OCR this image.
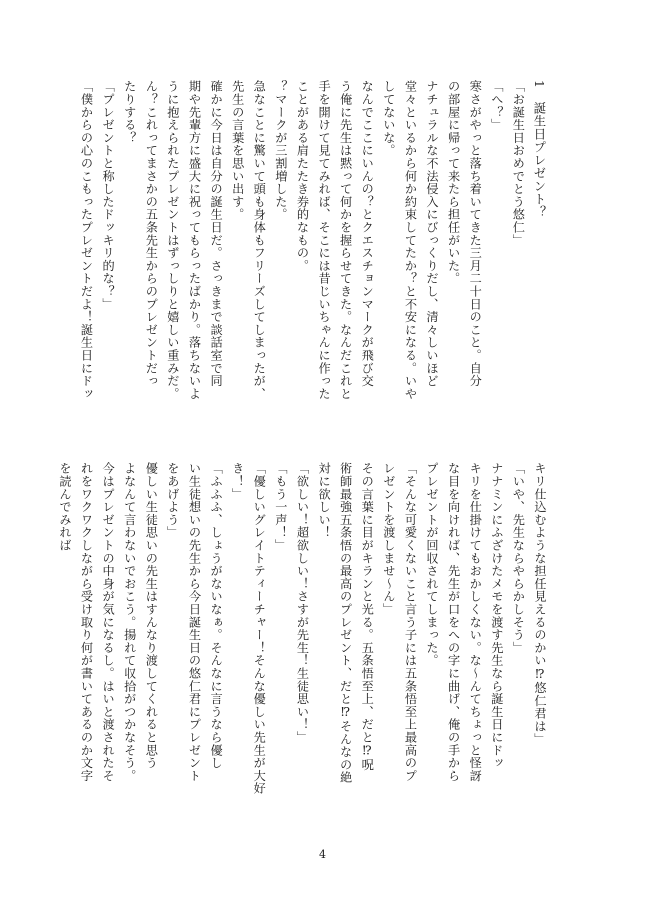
1　誕生日プレゼント？
「お誕生日おめでとう悠仁」
「へ？」
寒さがやっと落ち着いてきた三月二十日のこと。自分
の部屋に帰って来たら担任がいた。
ナチュラルな不法侵入にびっくりだし、清々しいほど
堂々といるから何か約束してたか？と不安になる。いや
してないな。
なんでここにいんの？とクエスチョンマークが飛び交
う俺に先生は黙って何かを握らせてきた。なんだこれと
手を開けて見てみれば、そこには昔じいちゃんに作った
ことがある肩たたき券的なもの。
？マークが三割増した。
急なことに驚いて頭も身体もフリーズしてしまったが、
先生の言葉を思い出す。
確かに今日は自分の誕生日だ。さっきまで談話室で同
期や先輩方に盛大に祝ってもらったばかり。落ちないよ
うに抱えられたプレゼントはずっしりと嬉しい重みだ。
ん？これってまさかの五条先生からのプレゼントだっ
たりする？
「プレゼントと称したドッキリ的な？」
「僕からの心のこもったプレゼントだよ！誕生日にドッ
キリ仕込むような担任見えるのかい⁉悠仁君は」
「いや、先生ならやらかしそう」
ナナミンにふざけたメモを渡す先生なら誕生日にドッ
キリを仕掛けてもおかしくない。な〜んてちょっと怪訝
な目を向ければ、先生が口をへの字に曲げ、俺の手から
プレゼントが回収されてしまった。
「そんな可愛くないこと言う子には五条悟至上最高のプ
レゼントを渡しませ〜ん」
その言葉に目がキランと光る。五条悟至上、だと⁉呪
術師最強五条悟の最高のプレゼント、だと⁉そんなの絶
対に欲しい！
「欲しい！超欲しい！さすが先生！生徒思い！」
「もう一声！」
「優しいグレイトティーチャー！そんな優しい先生が大好
き！」
「ふふふ、しょうがないなぁ。そんなに言うなら優し
い生徒想いの先生から今日誕生日の悠仁君にプレゼント
をあげよう」
優しい生徒思いの先生はすんなり渡してくれると思う
よなんて言わないでおこう。揚れて収拾がつかなそう。
今はプレゼントの中身が気になるし。はいと渡されたそ
れをワクワクしながら受け取り何が書いてあるのか文字
を読んでみれば
4
